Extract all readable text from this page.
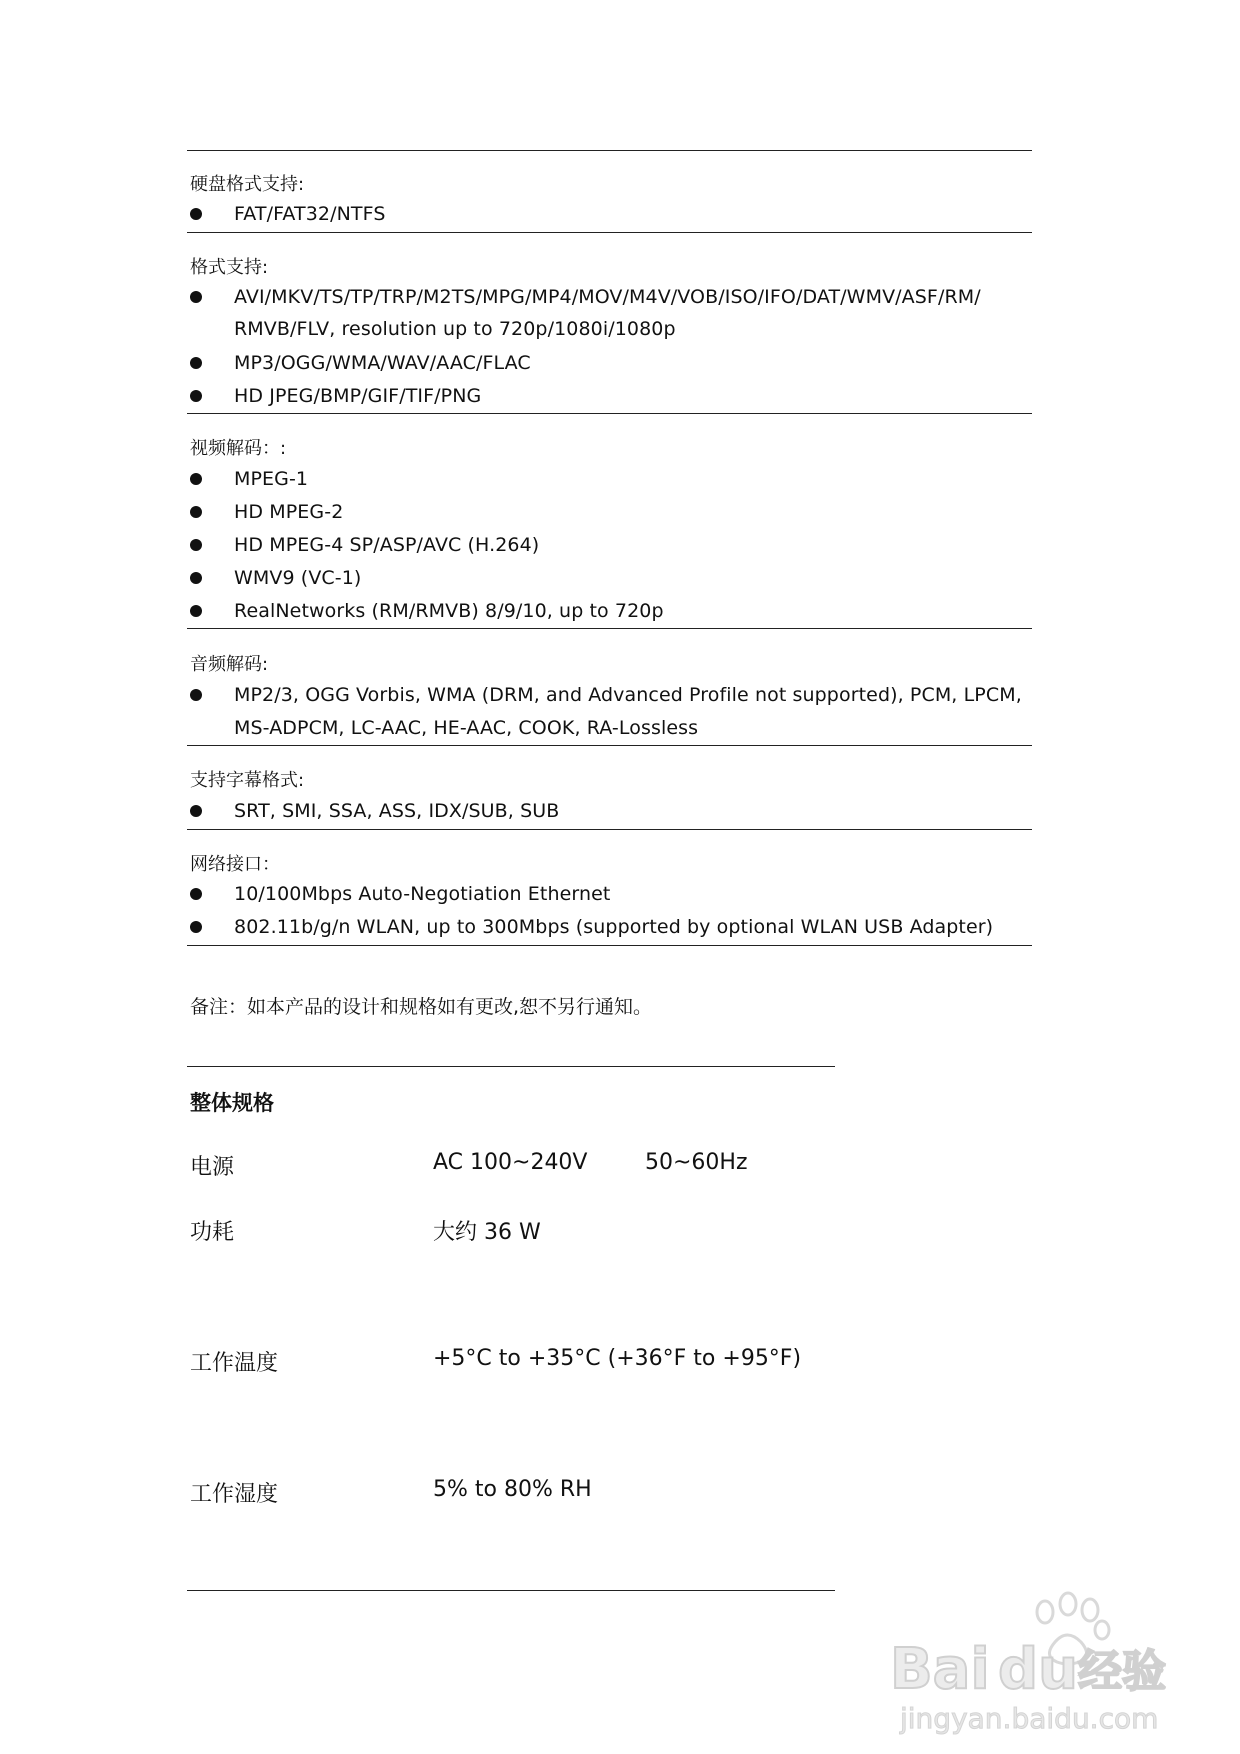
硬盘格式支持:
FAT/FAT32/NTFS
格式支持:
AVI/MKV/TS/TP/TRP/M2TS/MPG/MP4/MOV/M4V/VOB/ISO/IFO/DAT/WMV/ASF/RM/
RMVB/FLV, resolution up to 720p/1080i/1080p
MP3/OGG/WMA/WAV/AAC/FLAC
HD JPEG/BMP/GIF/TIF/PNG
视频解码：:
MPEG-1
HD MPEG-2
HD MPEG-4 SP/ASP/AVC (H.264)
WMV9 (VC-1)
RealNetworks (RM/RMVB) 8/9/10, up to 720p
音频解码:
MP2/3, OGG Vorbis, WMA (DRM, and Advanced Profile not supported), PCM, LPCM,
MS-ADPCM, LC-AAC, HE-AAC, COOK, RA-Lossless
支持字幕格式:
SRT, SMI, SSA, ASS, IDX/SUB, SUB
网络接口：
10/100Mbps Auto-Negotiation Ethernet
802.11b/g/n WLAN, up to 300Mbps (supported by optional WLAN USB Adapter)
备注：如本产品的设计和规格如有更改,恕不另行通知。
整体规格
电源	AC 100~240V	50~60Hz
功耗	大约 36 W
工作温度	+5°C to +35°C (+36°F to +95°F)
工作湿度	5% to 80% RH
Bai du 经验
jingyan.baidu.com
